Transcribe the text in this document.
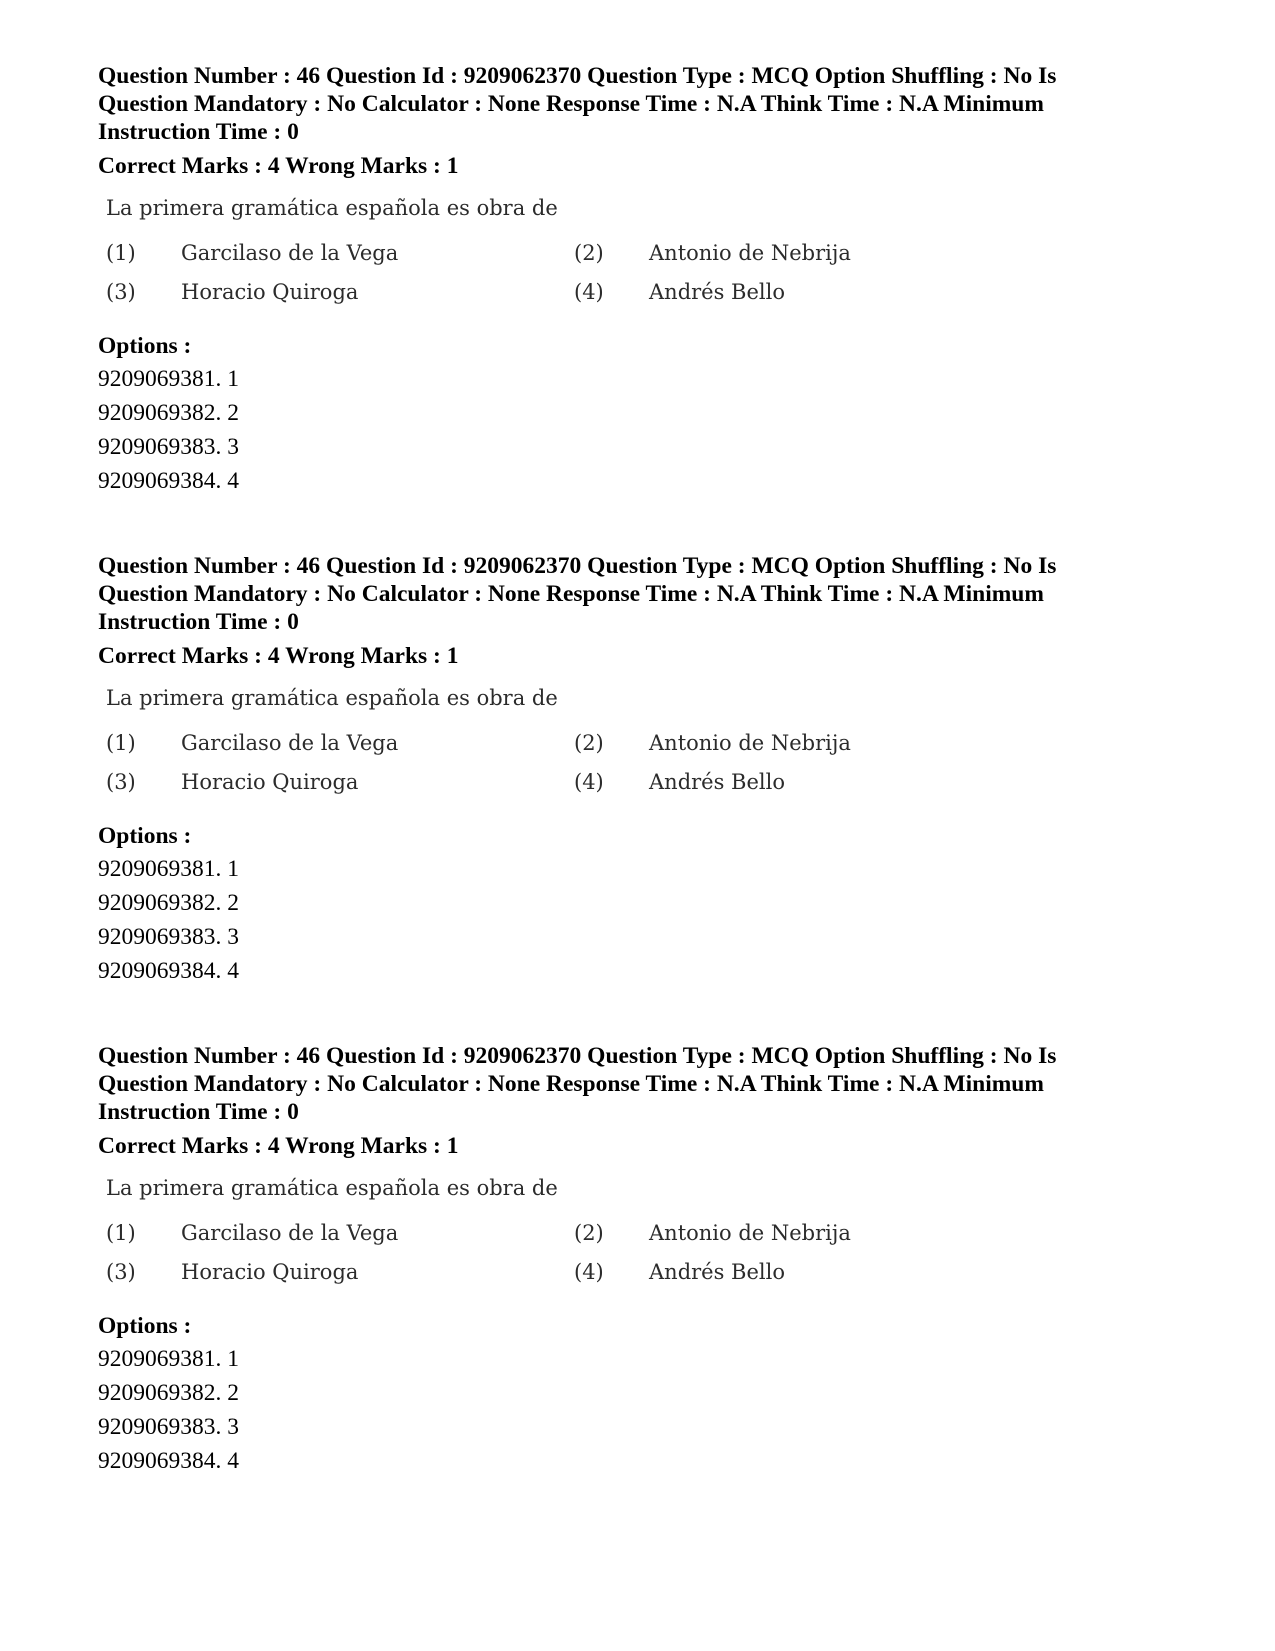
Question Number : 46 Question Id : 9209062370 Question Type : MCQ Option Shuffling : No Is
Question Mandatory : No Calculator : None Response Time : N.A Think Time : N.A Minimum
Instruction Time : 0
Correct Marks : 4 Wrong Marks : 1
La primera gramática española es obra de
(1) Garcilaso de la Vega	(2) Antonio de Nebrija
(3) Horacio Quiroga	(4) Andrés Bello
Options :
9209069381. 1
9209069382. 2
9209069383. 3
9209069384. 4
Question Number : 46 Question Id : 9209062370 Question Type : MCQ Option Shuffling : No Is
Question Mandatory : No Calculator : None Response Time : N.A Think Time : N.A Minimum
Instruction Time : 0
Correct Marks : 4 Wrong Marks : 1
La primera gramática española es obra de
(1) Garcilaso de la Vega	(2) Antonio de Nebrija
(3) Horacio Quiroga	(4) Andrés Bello
Options :
9209069381. 1
9209069382. 2
9209069383. 3
9209069384. 4
Question Number : 46 Question Id : 9209062370 Question Type : MCQ Option Shuffling : No Is
Question Mandatory : No Calculator : None Response Time : N.A Think Time : N.A Minimum
Instruction Time : 0
Correct Marks : 4 Wrong Marks : 1
La primera gramática española es obra de
(1) Garcilaso de la Vega	(2) Antonio de Nebrija
(3) Horacio Quiroga	(4) Andrés Bello
Options :
9209069381. 1
9209069382. 2
9209069383. 3
9209069384. 4
